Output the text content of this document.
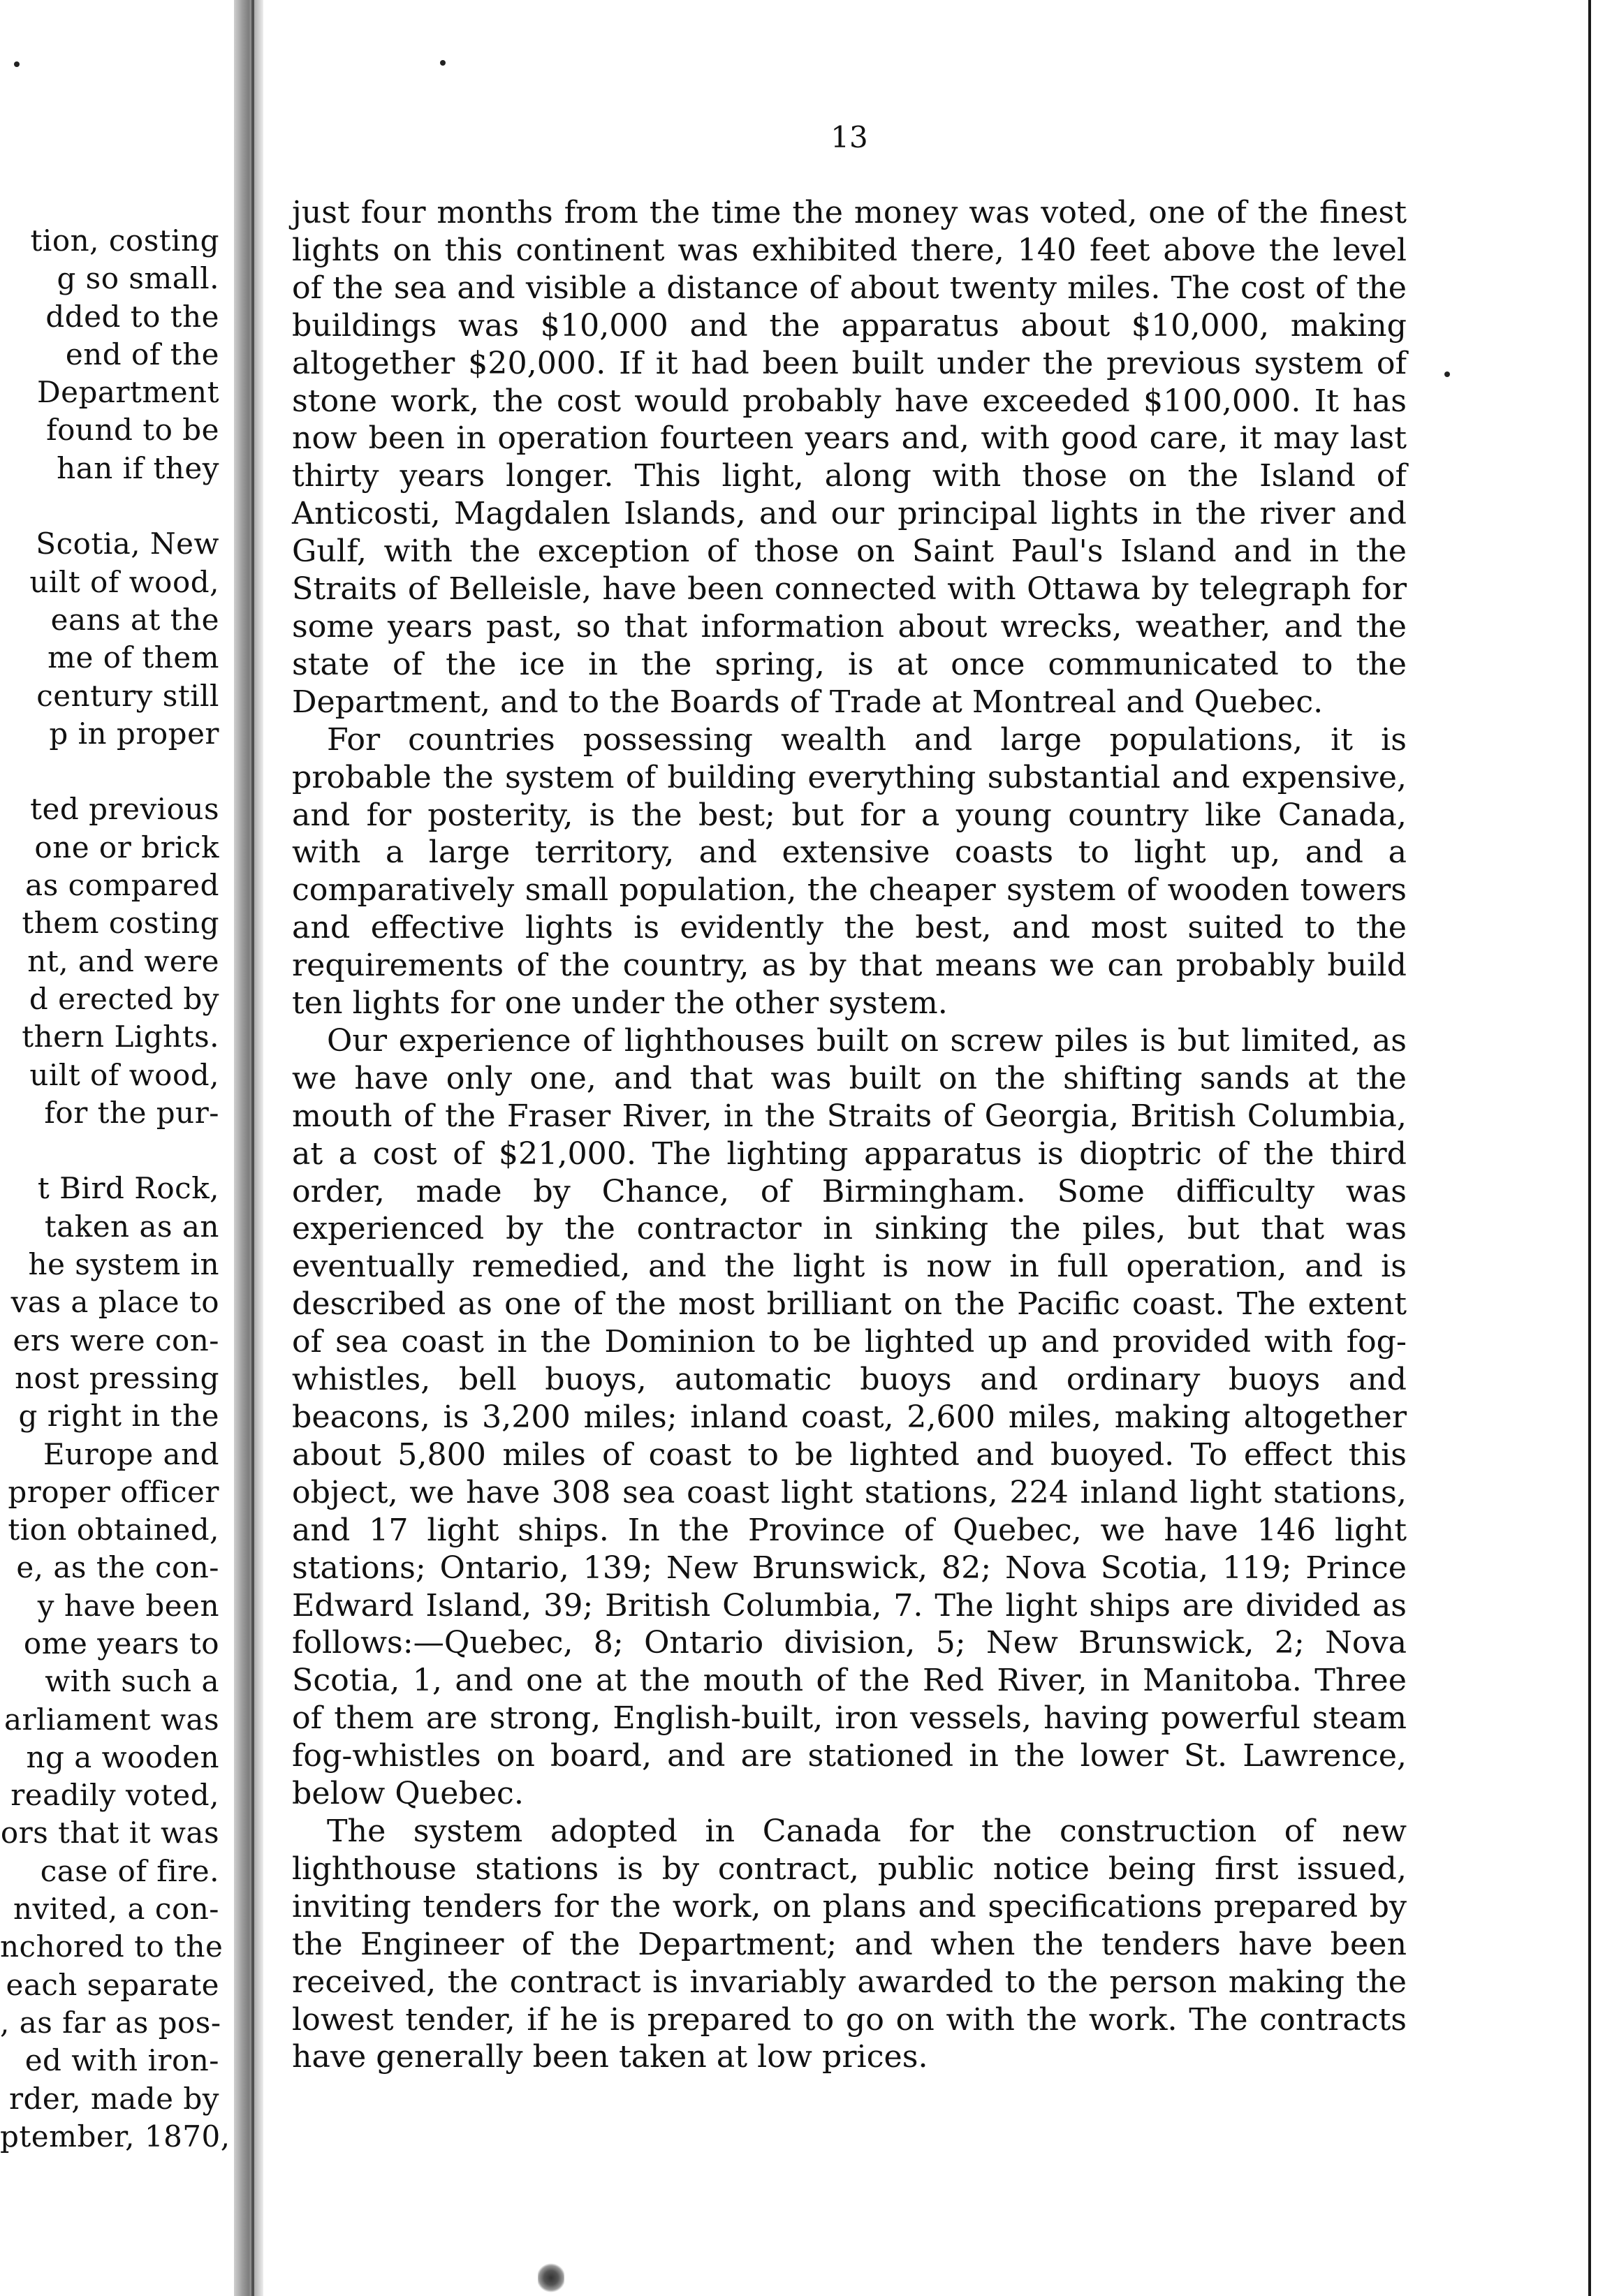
13
tion, costing
g so small.
dded to the
end of the
Department
found to be
han if they
Scotia, New
uilt of wood,
eans at the
me of them
century still
p in proper
ted previous
one or brick
as compared
them costing
nt, and were
d erected by
thern Lights.
uilt of wood,
for the pur-
t Bird Rock,
taken as an
he system in
vas a place to
ers were con-
nost pressing
g right in the
Europe and
proper officer
tion obtained,
e, as the con-
y have been
ome years to
with such a
arliament was
ng a wooden
readily voted,
ors that it was
case of fire.
nvited, a con-
nchored to the
each separate
, as far as pos-
ed with iron-
rder, made by
ptember, 1870,

just four months from the time the money was voted, one of the finest lights on this continent was exhibited there, 140 feet above the level of the sea and visible a distance of about twenty miles. The cost of the buildings was $10,000 and the apparatus about $10,000, making altogether $20,000. If it had been built under the previous system of stone work, the cost would probably have exceeded $100,000. It has now been in operation fourteen years and, with good care, it may last thirty years longer. This light, along with those on the Island of Anticosti, Magdalen Islands, and our principal lights in the river and Gulf, with the exception of those on Saint Paul's Island and in the Straits of Belleisle, have been connected with Ottawa by telegraph for some years past, so that information about wrecks, weather, and the state of the ice in the spring, is at once communicated to the Department, and to the Boards of Trade at Montreal and Quebec.

For countries possessing wealth and large populations, it is probable the system of building everything substantial and expensive, and for posterity, is the best; but for a young country like Canada, with a large territory, and extensive coasts to light up, and a comparatively small population, the cheaper system of wooden towers and effective lights is evidently the best, and most suited to the requirements of the country, as by that means we can probably build ten lights for one under the other system.

Our experience of lighthouses built on screw piles is but limited, as we have only one, and that was built on the shifting sands at the mouth of the Fraser River, in the Straits of Georgia, British Columbia, at a cost of $21,000. The lighting apparatus is dioptric of the third order, made by Chance, of Birmingham. Some difficulty was experienced by the contractor in sinking the piles, but that was eventually remedied, and the light is now in full operation, and is described as one of the most brilliant on the Pacific coast. The extent of sea coast in the Dominion to be lighted up and provided with fog-whistles, bell buoys, automatic buoys and ordinary buoys and beacons, is 3,200 miles; inland coast, 2,600 miles, making altogether about 5,800 miles of coast to be lighted and buoyed. To effect this object, we have 308 sea coast light stations, 224 inland light stations, and 17 light ships. In the Province of Quebec, we have 146 light stations; Ontario, 139; New Brunswick, 82; Nova Scotia, 119; Prince Edward Island, 39; British Columbia, 7. The light ships are divided as follows:—Quebec, 8; Ontario division, 5; New Brunswick, 2; Nova Scotia, 1, and one at the mouth of the Red River, in Manitoba. Three of them are strong, English-built, iron vessels, having powerful steam fog-whistles on board, and are stationed in the lower St. Lawrence, below Quebec.

The system adopted in Canada for the construction of new lighthouse stations is by contract, public notice being first issued, inviting tenders for the work, on plans and specifications prepared by the Engineer of the Department; and when the tenders have been received, the contract is invariably awarded to the person making the lowest tender, if he is prepared to go on with the work. The contracts have generally been taken at low prices.
